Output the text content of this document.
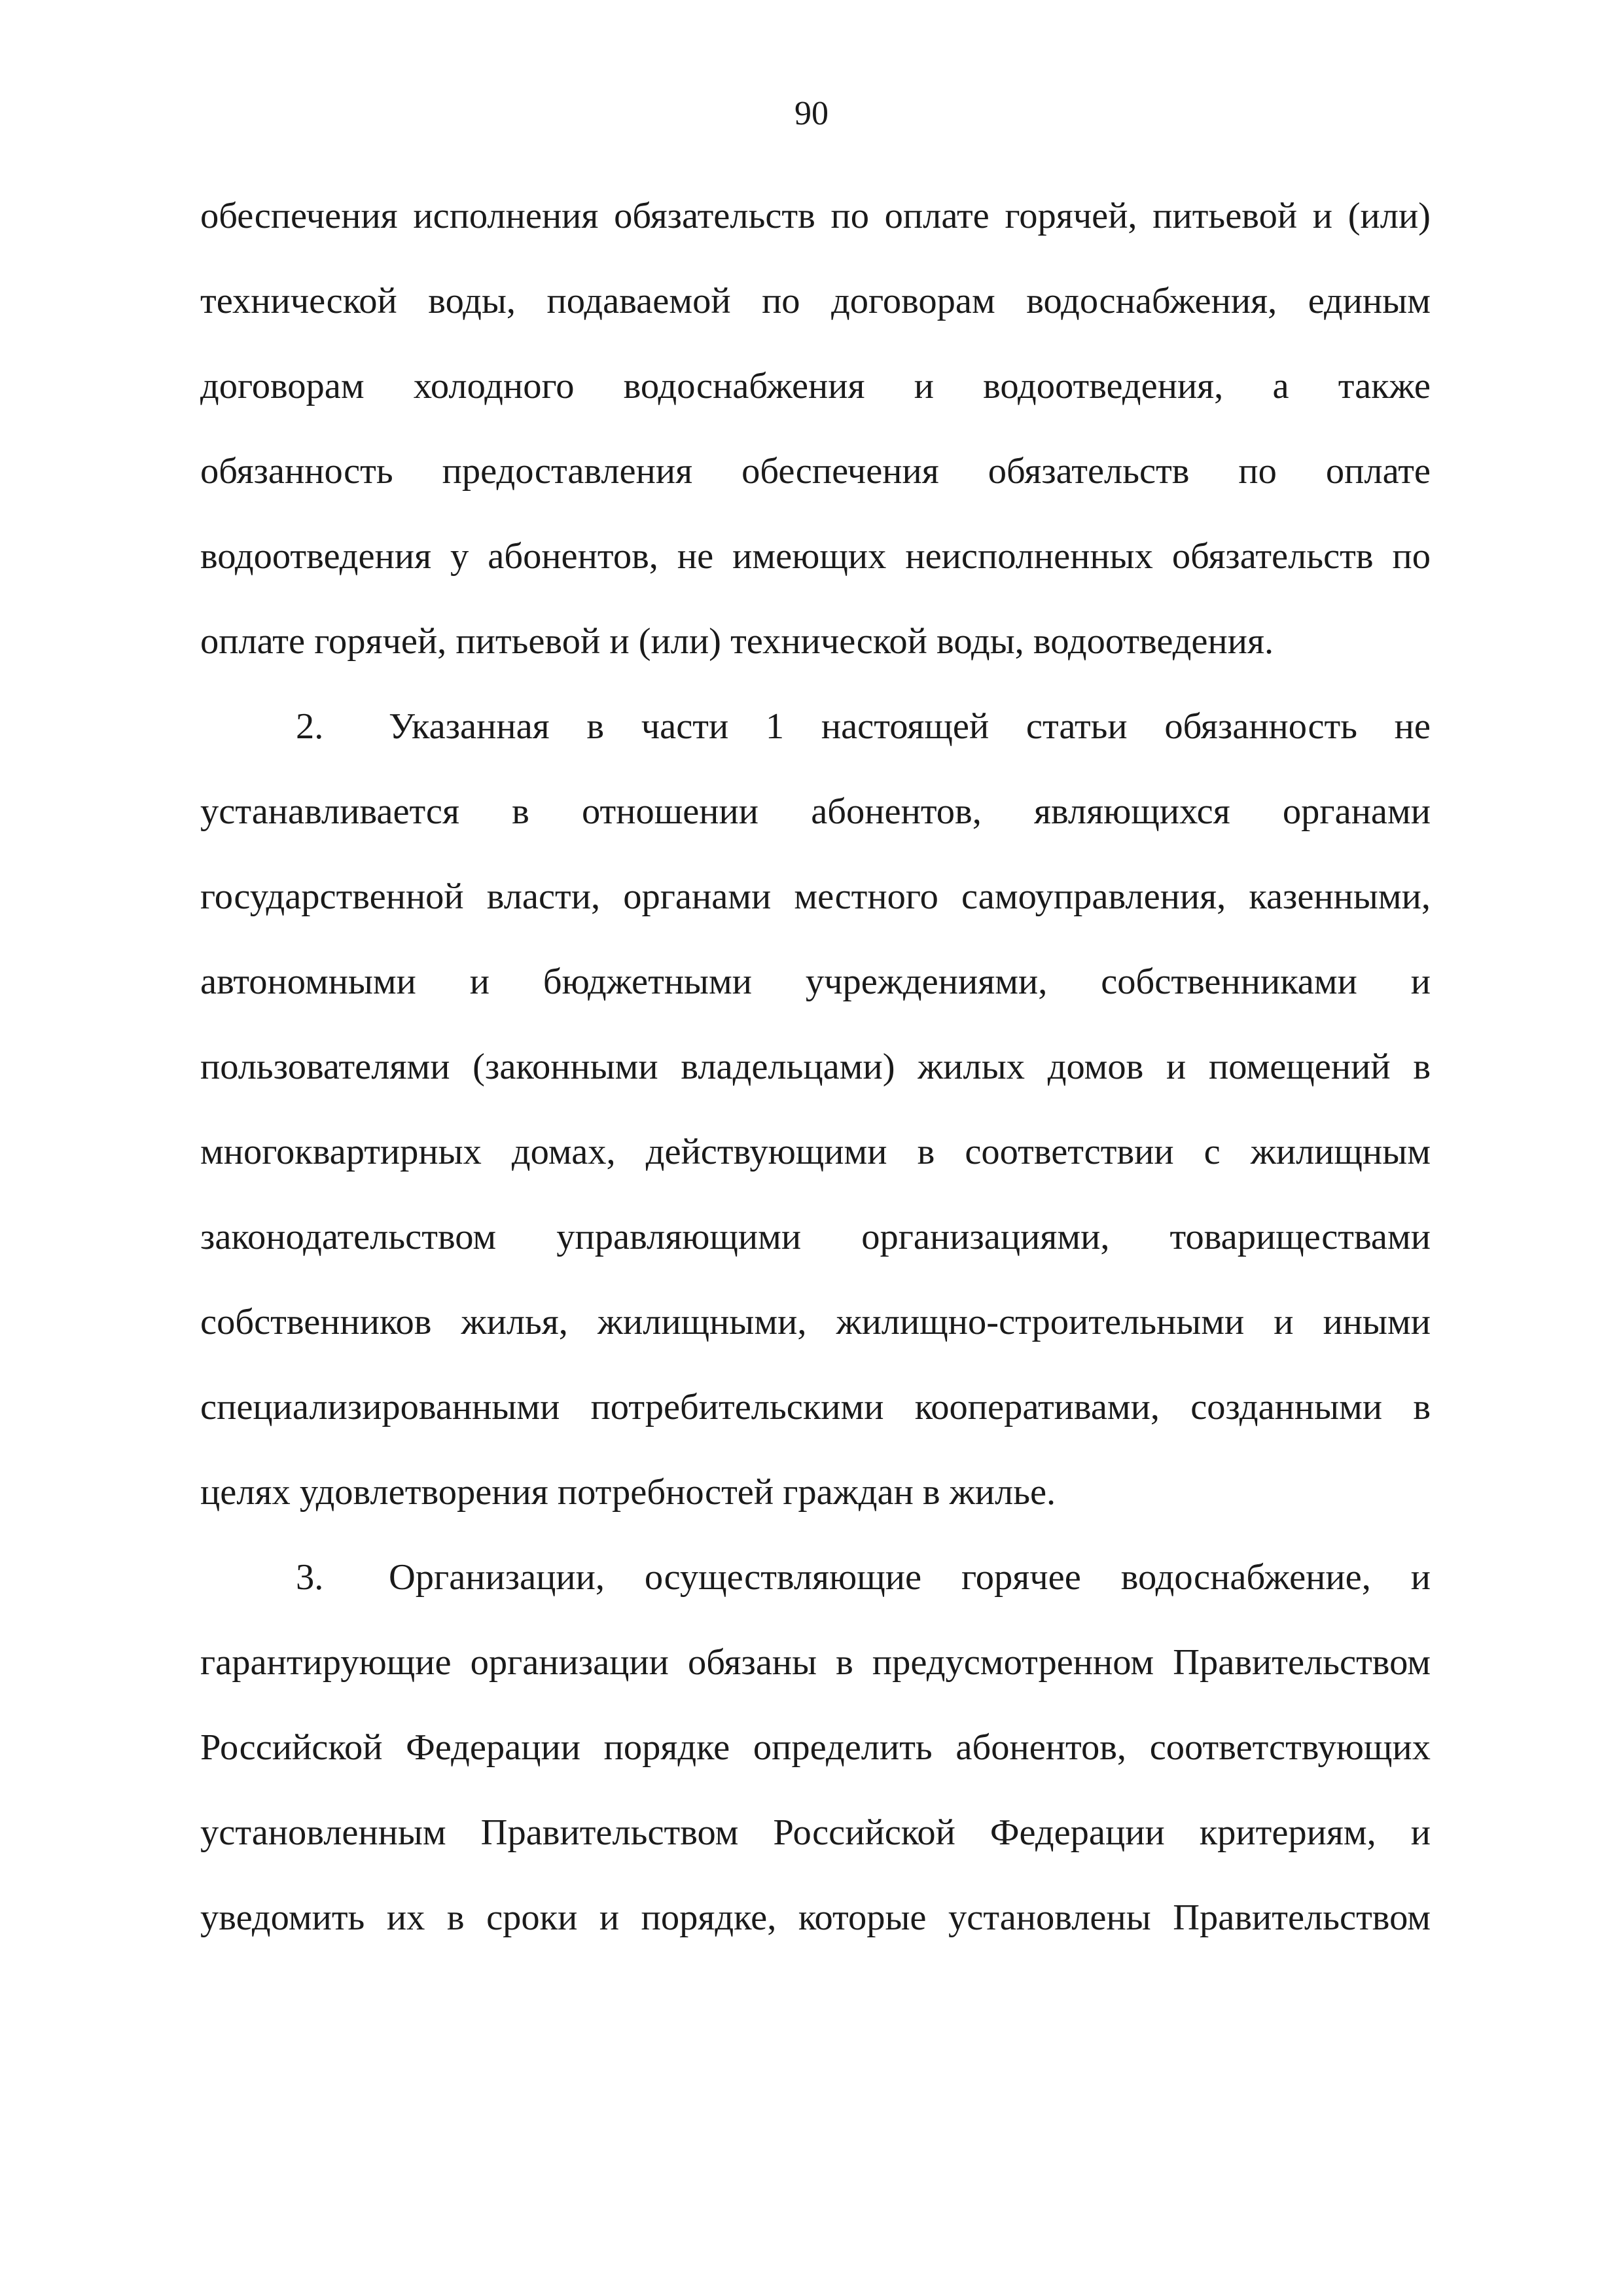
90
обеспечения исполнения обязательств по оплате горячей, питьевой и (или)
технической воды, подаваемой по договорам водоснабжения, единым
договорам холодного водоснабжения и водоотведения, а также
обязанность предоставления обеспечения обязательств по оплате
водоотведения у абонентов, не имеющих неисполненных обязательств по
оплате горячей, питьевой и (или) технической воды, водоотведения.
2.	Указанная в части 1 настоящей статьи обязанность не
устанавливается в отношении абонентов, являющихся органами
государственной власти, органами местного самоуправления, казенными,
автономными и бюджетными учреждениями, собственниками и
пользователями (законными владельцами) жилых домов и помещений в
многоквартирных домах, действующими в соответствии с жилищным
законодательством управляющими организациями, товариществами
собственников жилья, жилищными, жилищно-строительными и иными
специализированными потребительскими кооперативами, созданными в
целях удовлетворения потребностей граждан в жилье.
3.	Организации, осуществляющие горячее водоснабжение, и
гарантирующие организации обязаны в предусмотренном Правительством
Российской Федерации порядке определить абонентов, соответствующих
установленным Правительством Российской Федерации критериям, и
уведомить их в сроки и порядке, которые установлены Правительством
